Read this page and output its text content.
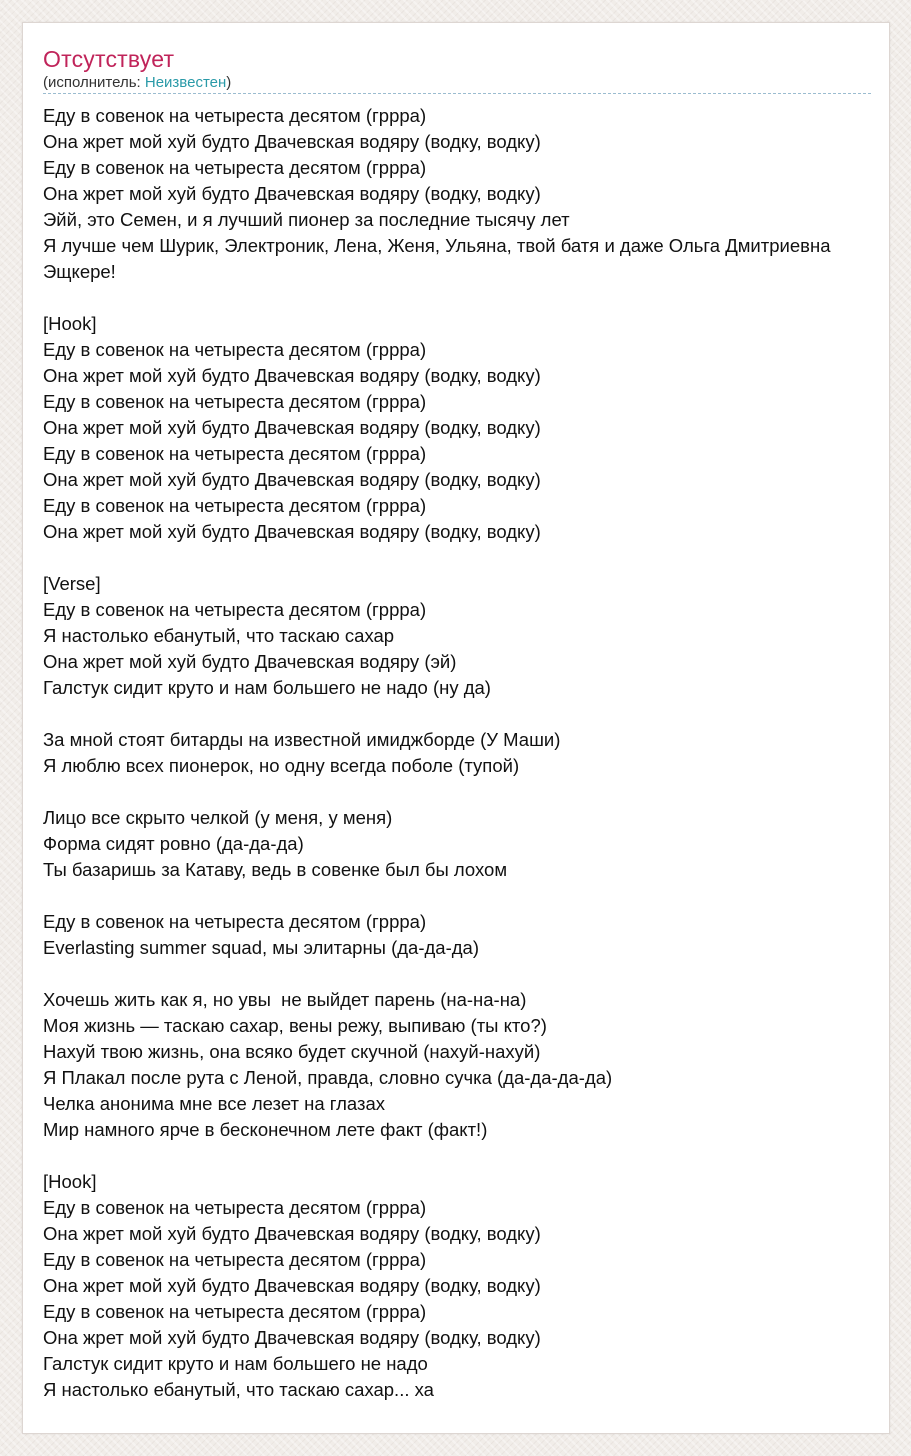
Отсутствует
(исполнитель: Неизвестен)
Еду в совенок на четыреста десятом (гррра)
Она жрет мой хуй будто Двачевская водяру (водку, водку)
Еду в совенок на четыреста десятом (гррра)
Она жрет мой хуй будто Двачевская водяру (водку, водку)
Эйй, это Семен, и я лучший пионер за последние тысячу лет
Я лучше чем Шурик, Электроник, Лена, Женя, Ульяна, твой батя и даже Ольга Дмитриевна
Эщкере!
[Hook]
Еду в совенок на четыреста десятом (гррра)
Она жрет мой хуй будто Двачевская водяру (водку, водку)
Еду в совенок на четыреста десятом (гррра)
Она жрет мой хуй будто Двачевская водяру (водку, водку)
Еду в совенок на четыреста десятом (гррра)
Она жрет мой хуй будто Двачевская водяру (водку, водку)
Еду в совенок на четыреста десятом (гррра)
Она жрет мой хуй будто Двачевская водяру (водку, водку)
[Verse]
Еду в совенок на четыреста десятом (гррра)
Я настолько ебанутый, что таскаю сахар
Она жрет мой хуй будто Двачевская водяру (эй)
Галстук сидит круто и нам большего не надо (ну да)
За мной стоят битарды на известной имиджборде (У Маши)
Я люблю всех пионерок, но одну всегда поболе (тупой)
Лицо все скрыто челкой (у меня, у меня)
Форма сидят ровно (да-да-да)
Ты базаришь за Катаву, ведь в совенке был бы лохом
Еду в совенок на четыреста десятом (гррра)
Everlasting summer squad, мы элитарны (да-да-да)
Хочешь жить как я, но увы  не выйдет парень (на-на-на)
Моя жизнь — таскаю сахар, вены режу, выпиваю (ты кто?)
Нахуй твою жизнь, она всяко будет скучной (нахуй-нахуй)
Я Плакал после рута с Леной, правда, словно сучка (да-да-да-да)
Челка анонима мне все лезет на глазах
Мир намного ярче в бесконечном лете факт (факт!)
[Hook]
Еду в совенок на четыреста десятом (гррра)
Она жрет мой хуй будто Двачевская водяру (водку, водку)
Еду в совенок на четыреста десятом (гррра)
Она жрет мой хуй будто Двачевская водяру (водку, водку)
Еду в совенок на четыреста десятом (гррра)
Она жрет мой хуй будто Двачевская водяру (водку, водку)
Галстук сидит круто и нам большего не надо
Я настолько ебанутый, что таскаю сахар... ха
